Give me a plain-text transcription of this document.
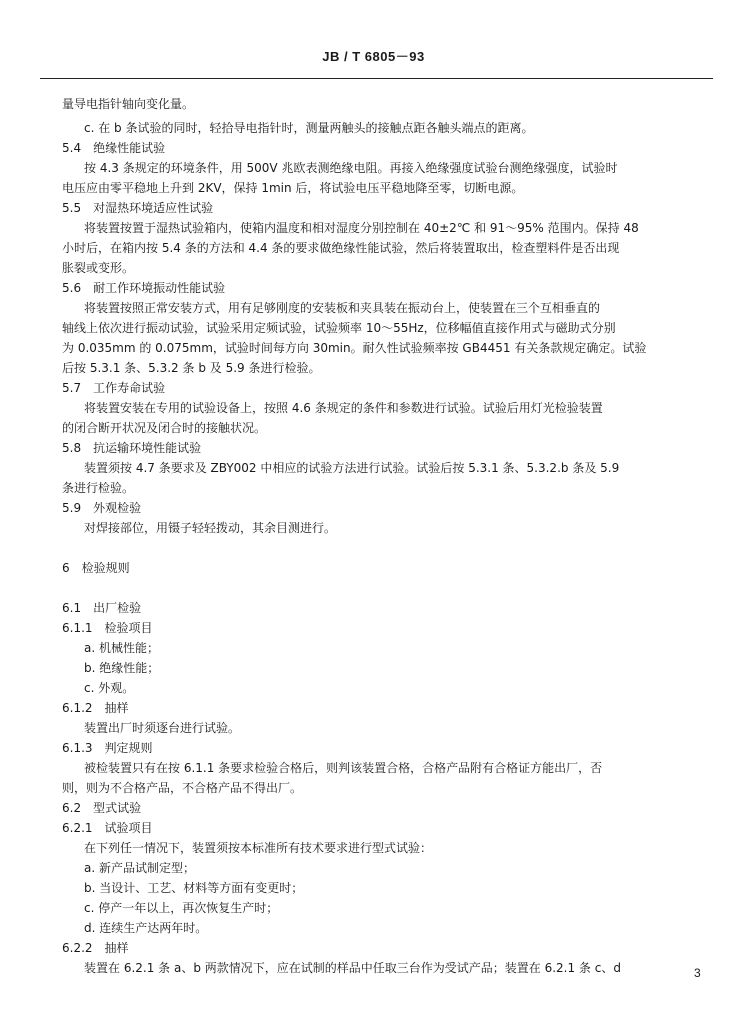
JB / T 6805－93
量导电指针轴向变化量。
c. 在 b 条试验的同时，轻拾导电指针时，测量两触头的接触点距各触头端点的距离。
5.4　绝缘性能试验
按 4.3 条规定的环境条件，用 500V 兆欧表测绝缘电阻。再接入绝缘强度试验台测绝缘强度，试验时
电压应由零平稳地上升到 2KV，保持 1min 后，将试验电压平稳地降至零，切断电源。
5.5　对湿热环境适应性试验
将装置按置于湿热试验箱内，使箱内温度和相对湿度分别控制在 40±2℃ 和 91～95% 范围内。保持 48
小时后，在箱内按 5.4 条的方法和 4.4 条的要求做绝缘性能试验，然后将装置取出，检查塑料件是否出现
胀裂或变形。
5.6　耐工作环境振动性能试验
将装置按照正常安装方式，用有足够刚度的安装板和夹具装在振动台上，使装置在三个互相垂直的
轴线上依次进行振动试验，试验采用定频试验，试验频率 10～55Hz，位移幅值直接作用式与磁助式分别
为 0.035mm 的 0.075mm，试验时间每方向 30min。耐久性试验频率按 GB4451 有关条款规定确定。试验
后按 5.3.1 条、5.3.2 条 b 及 5.9 条进行检验。
5.7　工作寿命试验
将装置安装在专用的试验设备上，按照 4.6 条规定的条件和参数进行试验。试验后用灯光检验装置
的闭合断开状况及闭合时的接触状况。
5.8　抗运输环境性能试验
装置须按 4.7 条要求及 ZBY002 中相应的试验方法进行试验。试验后按 5.3.1 条、5.3.2.b 条及 5.9
条进行检验。
5.9　外观检验
对焊接部位，用镊子轻轻拨动，其余目测进行。
6　检验规则
6.1　出厂检验
6.1.1　检验项目
a. 机械性能；
b. 绝缘性能；
c. 外观。
6.1.2　抽样
装置出厂时须逐台进行试验。
6.1.3　判定规则
被检装置只有在按 6.1.1 条要求检验合格后，则判该装置合格，合格产品附有合格证方能出厂，否
则，则为不合格产品，不合格产品不得出厂。
6.2　型式试验
6.2.1　试验项目
在下列任一情况下，装置须按本标准所有技术要求进行型式试验：
a. 新产品试制定型；
b. 当设计、工艺、材料等方面有变更时；
c. 停产一年以上，再次恢复生产时；
d. 连续生产达两年时。
6.2.2　抽样
装置在 6.2.1 条 a、b 两款情况下，应在试制的样品中任取三台作为受试产品；装置在 6.2.1 条 c、d	3
